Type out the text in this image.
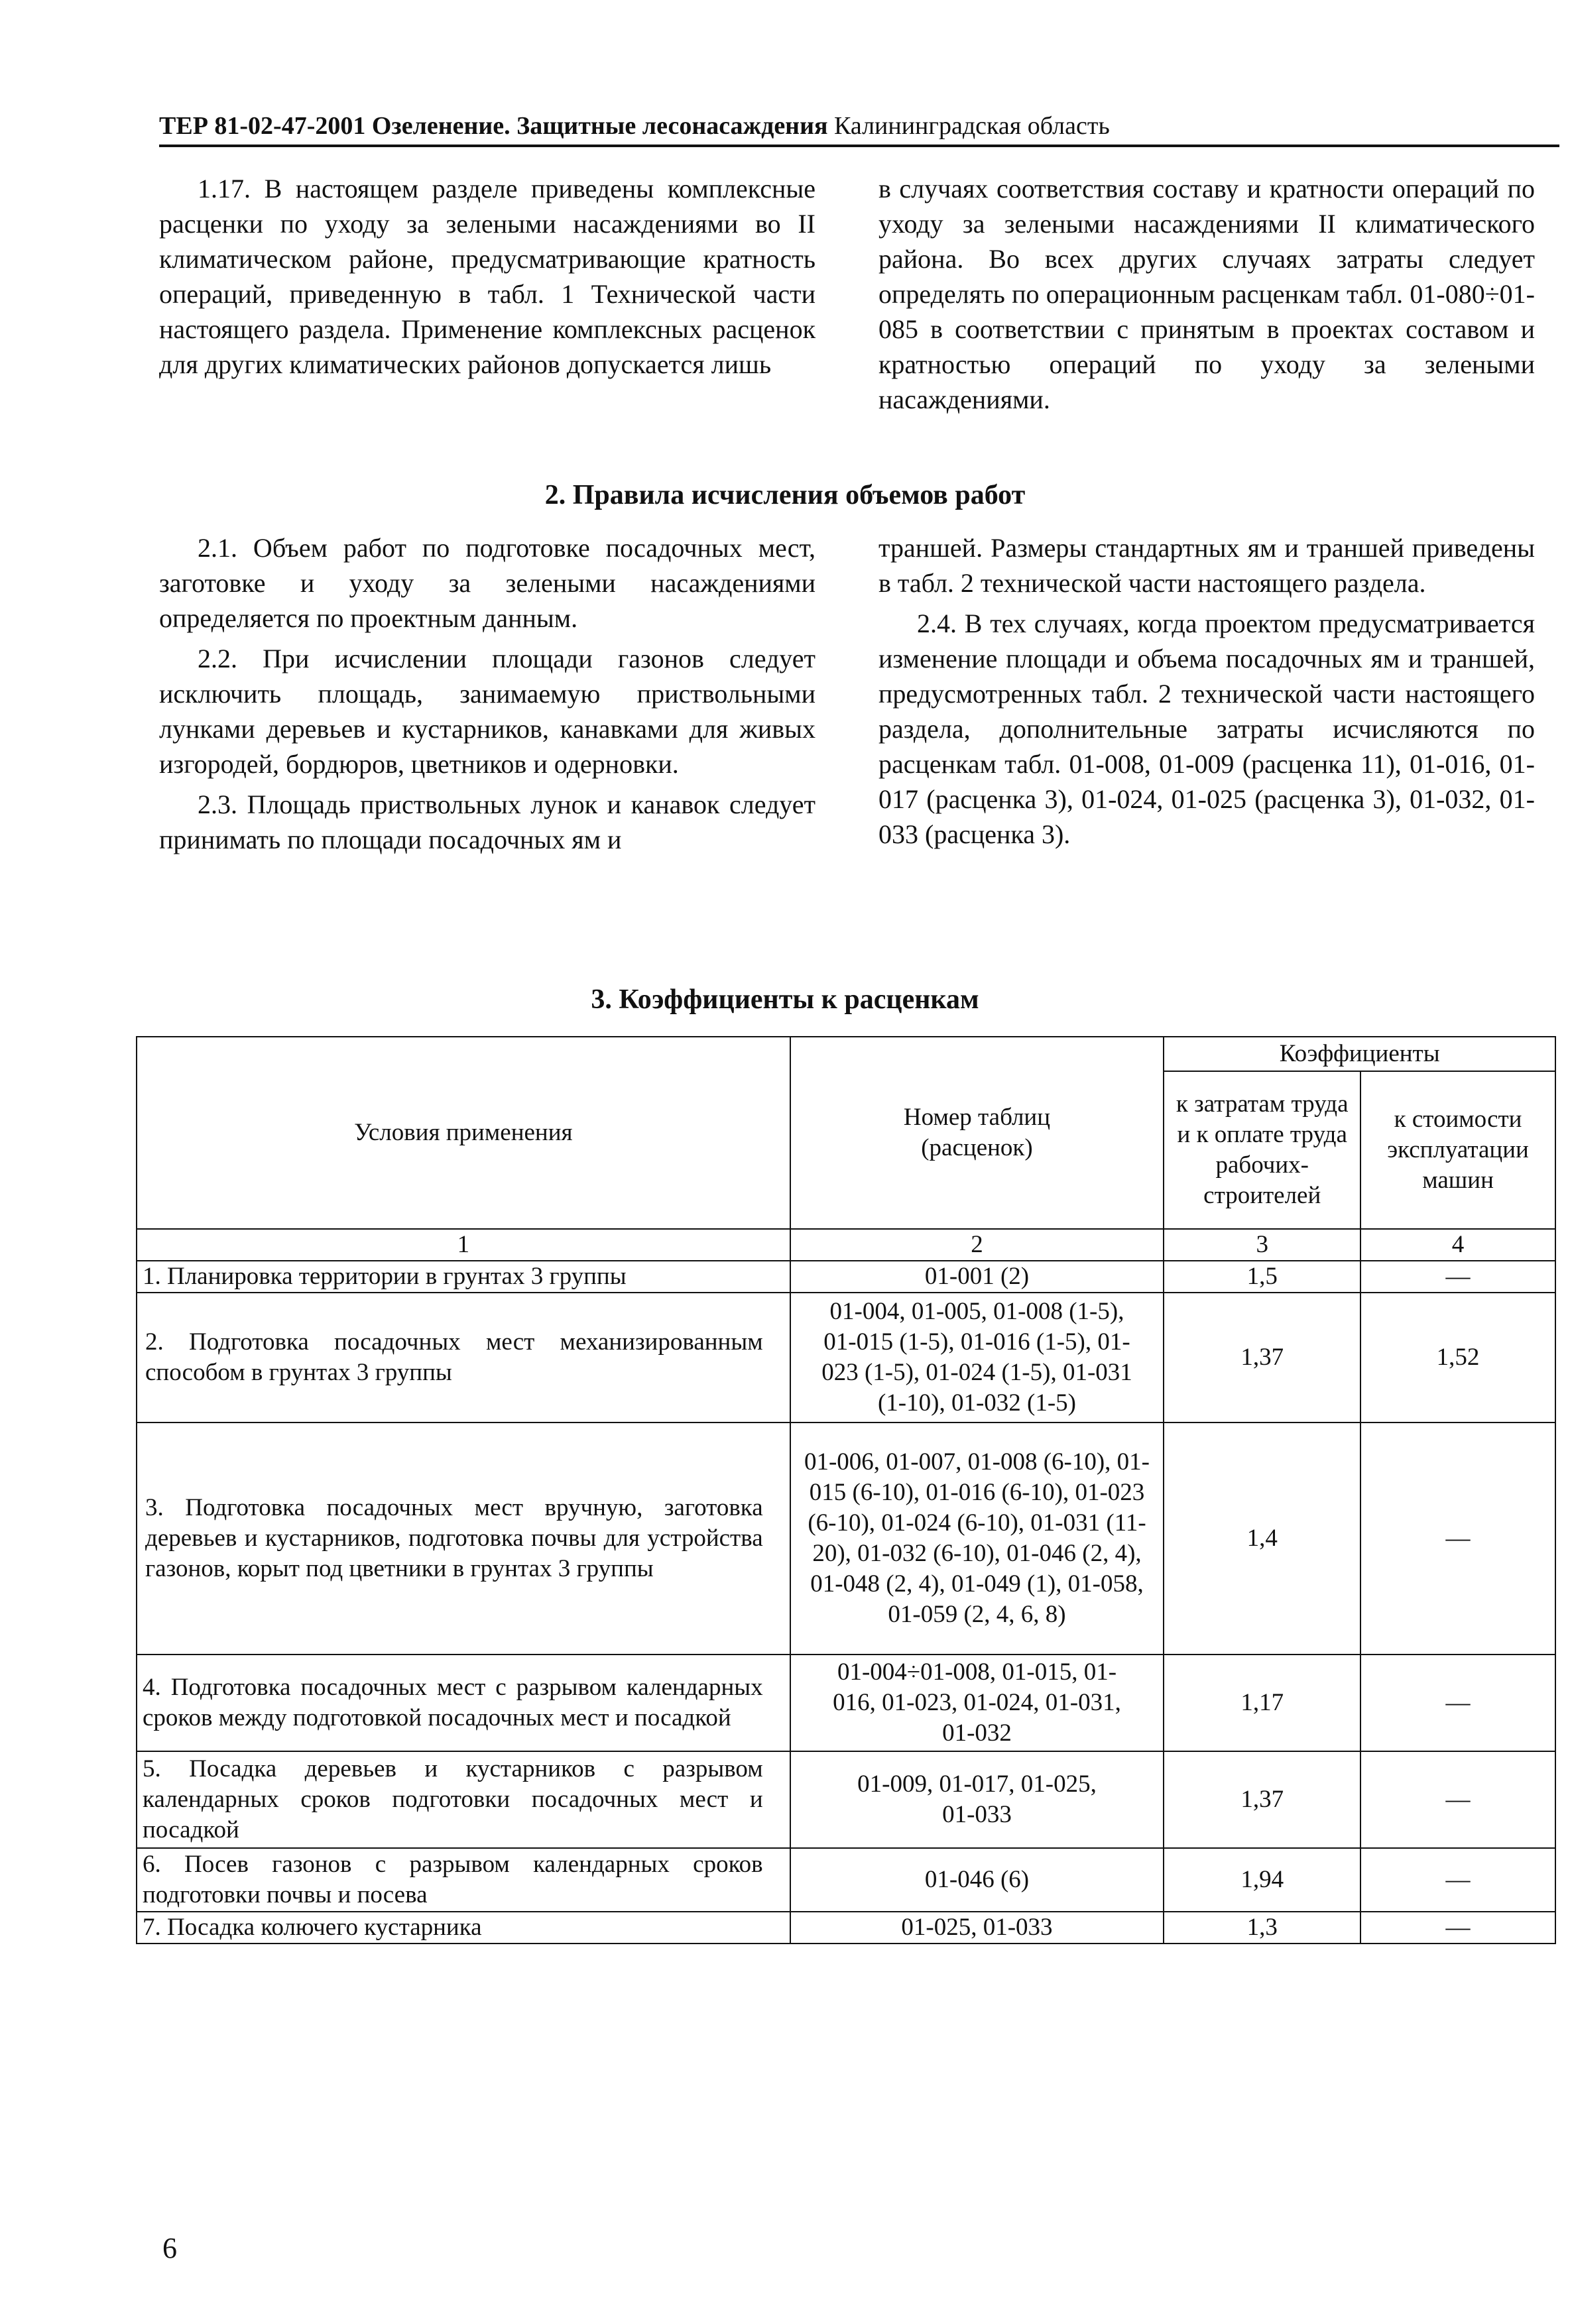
ТЕР 81-02-47-2001 Озеленение. Защитные лесонасаждения Калининградская область

1.17. В настоящем разделе приведены комплексные расценки по уходу за зелеными насаждениями во II климатическом районе, предусматривающие кратность операций, приведенную в табл. 1 Технической части настоящего раздела. Применение комплексных расценок для других климатических районов допускается лишь

в случаях соответствия составу и кратности операций по уходу за зелеными насаждениями II климатического района. Во всех других случаях затраты следует определять по операционным расценкам табл. 01-080÷01-085 в соответствии с принятым в проектах составом и кратностью операций по уходу за зелеными насаждениями.

2. Правила исчисления объемов работ

2.1. Объем работ по подготовке посадочных мест, заготовке и уходу за зелеными насаждениями определяется по проектным данным.

2.2. При исчислении площади газонов следует исключить площадь, занимаемую приствольными лунками деревьев и кустарников, канавками для живых изгородей, бордюров, цветников и одерновки.

2.3. Площадь приствольных лунок и канавок следует принимать по площади посадочных ям и

траншей. Размеры стандартных ям и траншей приведены в табл. 2 технической части настоящего раздела.

2.4. В тех случаях, когда проектом предусматривается изменение площади и объема посадочных ям и траншей, предусмотренных табл. 2 технической части настоящего раздела, дополнительные затраты исчисляются по расценкам табл. 01-008, 01-009 (расценка 11), 01-016, 01-017 (расценка 3), 01-024, 01-025 (расценка 3), 01-032, 01-033 (расценка 3).

3. Коэффициенты к расценкам
Условия применения	Номер таблиц (расценок)	Коэффициенты	
		к затратам труда и к оплате труда рабочих-строителей	к стоимости эксплуатации машин
1	2	3	4
1. Планировка территории в грунтах 3 группы	01-001 (2)	1,5	—
2. Подготовка посадочных мест механизированным способом в грунтах 3 группы	01-004, 01-005, 01-008 (1-5), 01-015 (1-5), 01-016 (1-5), 01-023 (1-5), 01-024 (1-5), 01-031 (1-10), 01-032 (1-5)	1,37	1,52
3. Подготовка посадочных мест вручную, заготовка деревьев и кустарников, подготовка почвы для устройства газонов, корыт под цветники в грунтах 3 группы	01-006, 01-007, 01-008 (6-10), 01-015 (6-10), 01-016 (6-10), 01-023 (6-10), 01-024 (6-10), 01-031 (11-20), 01-032 (6-10), 01-046 (2, 4), 01-048 (2, 4), 01-049 (1), 01-058, 01-059 (2, 4, 6, 8)	1,4	—
4. Подготовка посадочных мест с разрывом календарных сроков между подготовкой посадочных мест и посадкой	01-004÷01-008, 01-015, 01-016, 01-023, 01-024, 01-031, 01-032	1,17	—
5. Посадка деревьев и кустарников с разрывом календарных сроков подготовки посадочных мест и посадкой	01-009, 01-017, 01-025, 01-033	1,37	—
6. Посев газонов с разрывом календарных сроков подготовки почвы и посева	01-046 (6)	1,94	—
7. Посадка колючего кустарника	01-025, 01-033	1,3	—
6
